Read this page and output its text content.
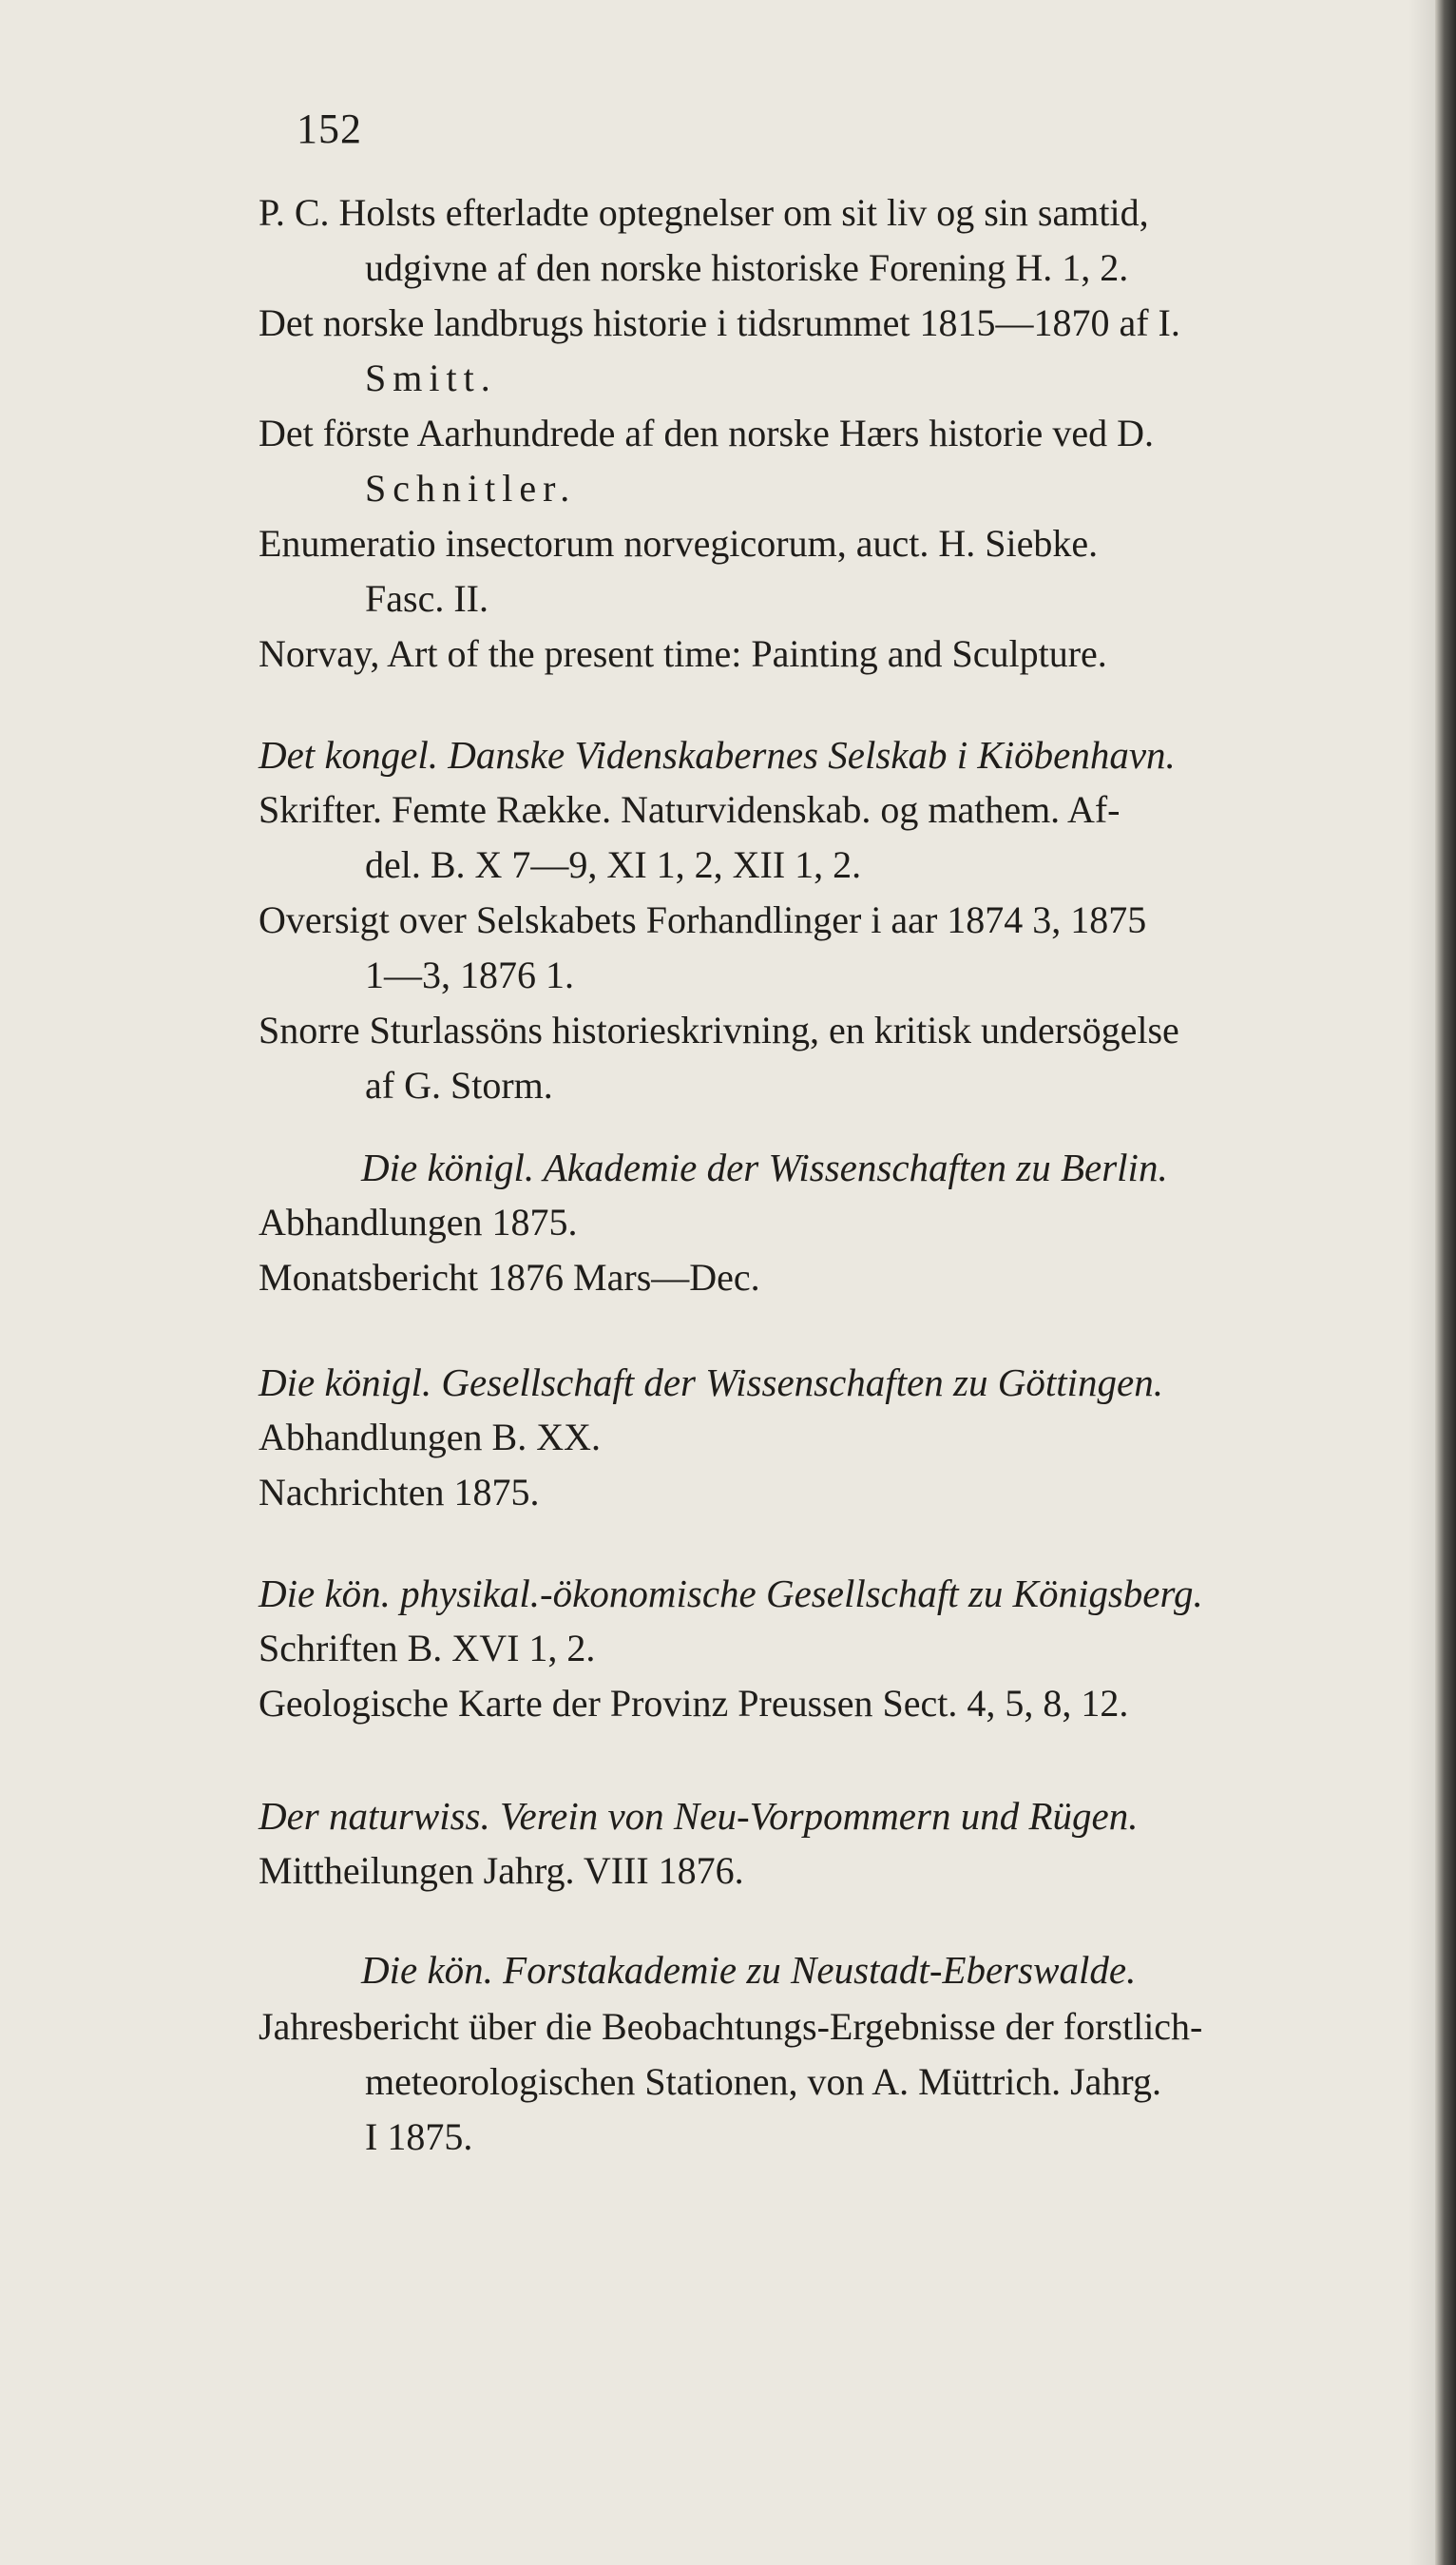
152
P. C. Holsts efterladte optegnelser om sit liv og sin samtid,
udgivne af den norske historiske Forening H. 1, 2.
Det norske landbrugs historie i tidsrummet 1815—1870 af I.
Smitt.
Det förste Aarhundrede af den norske Hærs historie ved D.
Schnitler.
Enumeratio insectorum norvegicorum, auct. H. Siebke.
Fasc. II.
Norvay, Art of the present time: Painting and Sculpture.
Det kongel. Danske Videnskabernes Selskab i Kiöbenhavn.
Skrifter. Femte Række. Naturvidenskab. og mathem. Af-
del. B. X 7—9, XI 1, 2, XII 1, 2.
Oversigt over Selskabets Forhandlinger i aar 1874 3, 1875
1—3, 1876 1.
Snorre Sturlassöns historieskrivning, en kritisk undersögelse
af G. Storm.
Die königl. Akademie der Wissenschaften zu Berlin.
Abhandlungen 1875.
Monatsbericht 1876 Mars—Dec.
Die königl. Gesellschaft der Wissenschaften zu Göttingen.
Abhandlungen B. XX.
Nachrichten 1875.
Die kön. physikal.-ökonomische Gesellschaft zu Königsberg.
Schriften B. XVI 1, 2.
Geologische Karte der Provinz Preussen Sect. 4, 5, 8, 12.
Der naturwiss. Verein von Neu-Vorpommern und Rügen.
Mittheilungen Jahrg. VIII 1876.
Die kön. Forstakademie zu Neustadt-Eberswalde.
Jahresbericht über die Beobachtungs-Ergebnisse der forstlich-
meteorologischen Stationen, von A. Müttrich. Jahrg.
I 1875.
